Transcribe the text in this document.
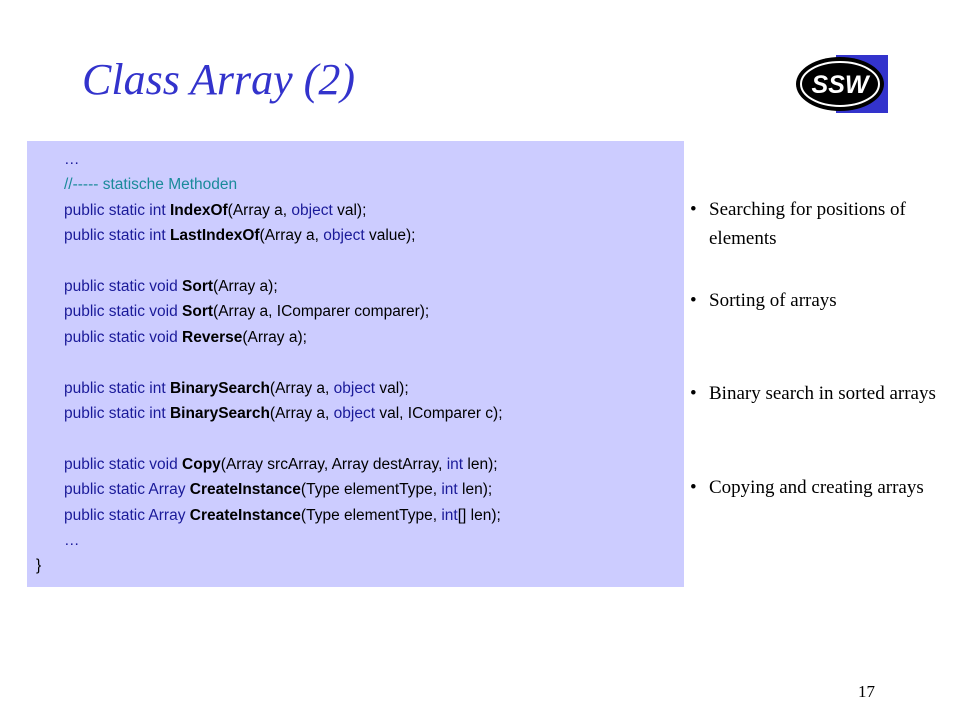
Class Array (2)	SSW
…
//----- statische Methoden
public static int IndexOf(Array a, object val);
public static int LastIndexOf(Array a, object value);
public static void Sort(Array a);
public static void Sort(Array a, IComparer comparer);
public static void Reverse(Array a);
public static int BinarySearch(Array a, object val);
public static int BinarySearch(Array a, object val, IComparer c);
public static void Copy(Array srcArray, Array destArray, int len);
public static Array CreateInstance(Type elementType, int len);
public static Array CreateInstance(Type elementType, int[] len);
…
}
• Searching for positions of elements
• Sorting of arrays
• Binary search in sorted arrays
• Copying and creating arrays
17
